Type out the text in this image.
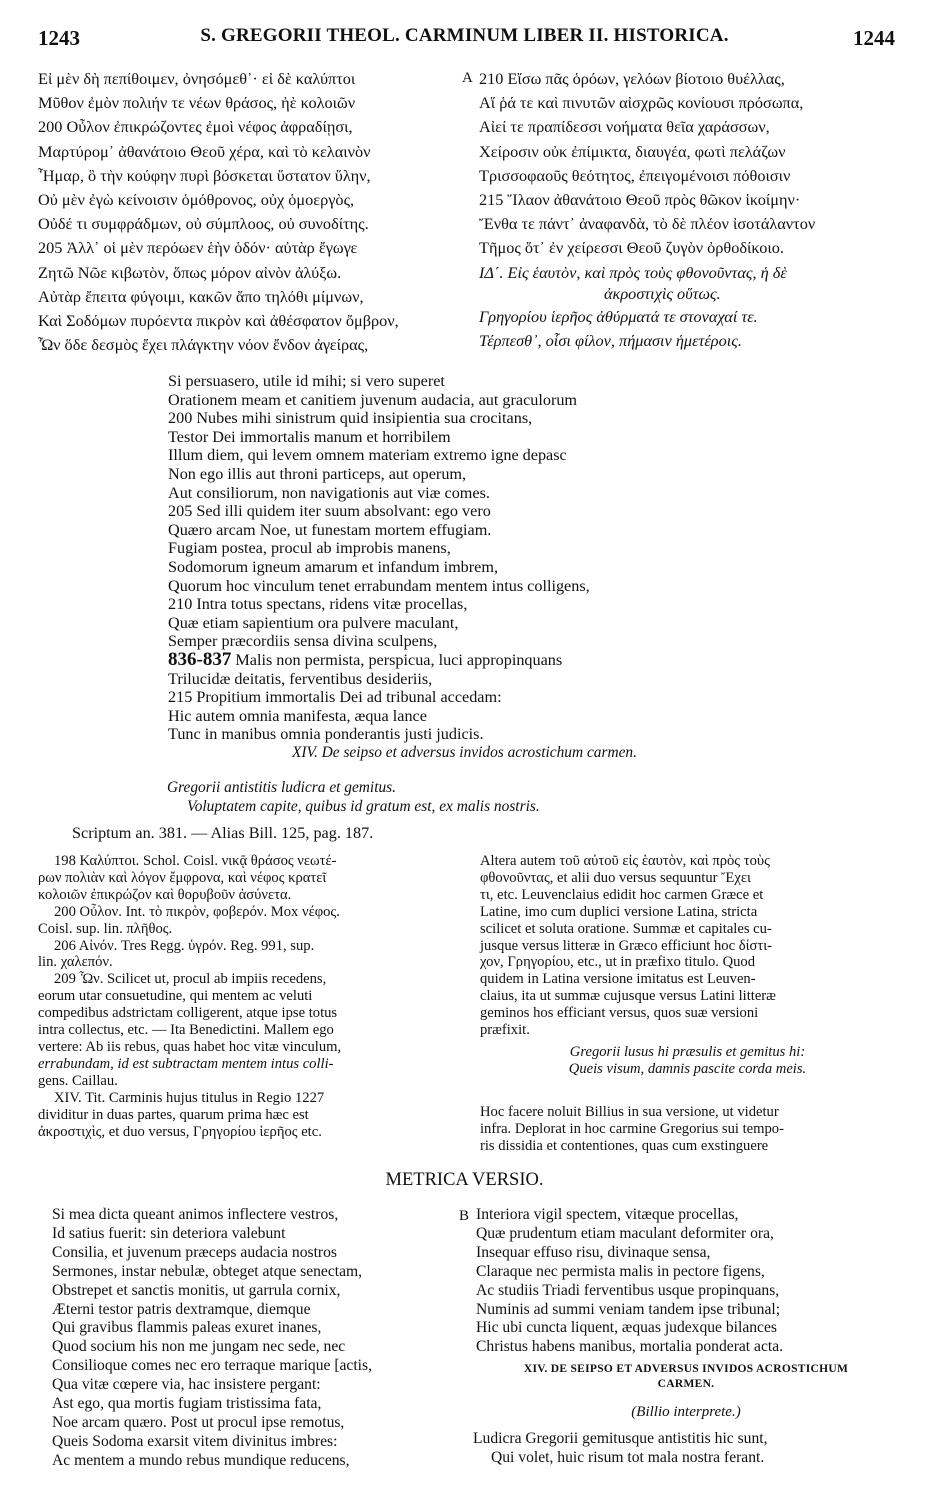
1243	S. GREGORII THEOL. CARMINUM LIBER II. HISTORICA.	1244
Εἰ μὲν δὴ πεπίθοιμεν, ὀνησόμεθ᾽· εἰ δὲ καλύπτοι
Μῦθον ἐμὸν πολιήν τε νέων θράσος, ἠὲ κολοιῶν
200 Οὖλον ἐπικρώζοντες ἐμοὶ νέφος ἀφραδίῃσι,
Μαρτύρομ᾽ ἀθανάτοιο Θεοῦ χέρα, καὶ τὸ κελαινὸν
Ἦμαρ, ὃ τὴν κούφην πυρὶ βόσκεται ὕστατον ὕλην,
Οὐ μὲν ἐγὼ κείνοισιν ὁμόθρονος, οὐχ ὁμοεργὸς,
Οὐδέ τι συμφράδμων, οὐ σύμπλοος, οὐ συνοδίτης.
205 Ἀλλ᾽ οἱ μὲν περόωεν ἑὴν ὁδόν· αὐτὰρ ἔγωγε
Ζητῶ Νῶε κιβωτὸν, ὅπως μόρον αἰνὸν ἀλύξω.
Αὐτὰρ ἔπειτα φύγοιμι, κακῶν ἄπο τηλόθι μίμνων,
Καὶ Σοδόμων πυρόεντα πικρὸν καὶ ἀθέσφατον ὄμβρον,
Ὧν ὅδε δεσμὸς ἔχει πλάγκτην νόον ἔνδον ἀγείρας,
A 210 Εἴσω πᾶς ὁρόων, γελόων βίοτοιο θυέλλας,
Αἵ ῥά τε καὶ πινυτῶν αἰσχρῶς κονίουσι πρόσωπα,
Αἰεί τε πραπίδεσσι νοήματα θεῖα χαράσσων,
Χείροσιν οὐκ ἐπίμικτα, διαυγέα, φωτὶ πελάζων
Τρισσοφαοῦς θεότητος, ἐπειγομένοισι πόθοισιν
215 Ἵλαον ἀθανάτοιο Θεοῦ πρὸς θῶκον ἱκοίμην·
Ἔνθα τε πάντ᾽ ἀναφανδὰ, τὸ δὲ πλέον ἰσοτάλαντον
Τῆμος ὅτ᾽ ἐν χείρεσσι Θεοῦ ζυγὸν ὀρθοδίκοιο.
ΙΔ΄. Εἰς ἑαυτὸν, καὶ πρὸς τοὺς φθονοῦντας, ἡ δὲ
ἀκροστιχὶς οὕτως.
Γρηγορίου ἱερῆος ἀθύρματά τε στοναχαί τε.
Τέρπεσθ᾽, οἷσι φίλον, πήμασιν ἡμετέροις.
Si persuasero, utile id mihi; si vero superet
Orationem meam et canitiem juvenum audacia, aut graculorum
200 Nubes mihi sinistrum quid insipientia sua crocitans,
Testor Dei immortalis manum et horribilem
Illum diem, qui levem omnem materiam extremo igne depasc
Non ego illis aut throni particeps, aut operum,
Aut consiliorum, non navigationis aut viæ comes.
205 Sed illi quidem iter suum absolvant: ego vero
Quæro arcam Noe, ut funestam mortem effugiam.
Fugiam postea, procul ab improbis manens,
Sodomorum igneum amarum et infandum imbrem,
Quorum hoc vinculum tenet errabundam mentem intus colligens,
210 Intra totus spectans, ridens vitæ procellas,
Quæ etiam sapientium ora pulvere maculant,
Semper præcordiis sensa divina sculpens,
836-837 Malis non permista, perspicua, luci appropinquans
Trilucidæ deitatis, ferventibus desideriis,
215 Propitium immortalis Dei ad tribunal accedam:
Hic autem omnia manifesta, æqua lance
Tunc in manibus omnia ponderantis justi judicis.
XIV. De seipso et adversus invidos acrostichum carmen.
Gregorii antistitis ludicra et gemitus.
Voluptatem capite, quibus id gratum est, ex malis nostris.
Scriptum an. 381. — Alias Bill. 125, pag. 187.
198 Καλύπτοι. Schol. Coisl. νικᾷ θράσος νεωτέ-
ρων πολιὰν καὶ λόγον ἔμφρονα, καὶ νέφος κρατεῖ
κολοιῶν ἐπικρώζον καὶ θορυβοῦν ἀσύνετα.
200 Οὖλον. Int. τὸ πικρὸν, φοβερόν. Mox νέφος.
Coisl. sup. lin. πλῆθος.
206 Αἰνόν. Tres Regg. ὑγρόν. Reg. 991, sup.
lin. χαλεπόν.
209 Ὧν. Scilicet ut, procul ab impiis recedens,
eorum utar consuetudine, qui mentem ac veluti
compedibus adstrictam colligerent, atque ipse totus
intra collectus, etc. — Ita Benedictini. Mallem ego
vertere: Ab iis rebus, quas habet hoc vitæ vinculum,
errabundam, id est subtractam mentem intus colli-
gens. Caillau.
XIV. Tit. Carminis hujus titulus in Regio 1227
dividitur in duas partes, quarum prima hæc est
ἀκροστιχὶς, et duo versus, Γρηγορίου ἱερῆος etc.
Altera autem τοῦ αὐτοῦ εἰς ἑαυτὸν, καὶ πρὸς τοὺς
φθονοῦντας, et alii duo versus sequuntur Ἔχει
τι, etc. Leuvenclaius edidit hoc carmen Græce et
Latine, imo cum duplici versione Latina, stricta
scilicet et soluta oratione. Summæ et capitales cu-
jusque versus litteræ in Græco efficiunt hoc δίστι-
χον, Γρηγορίου, etc., ut in præfixo titulo. Quod
quidem in Latina versione imitatus est Leuven-
claius, ita ut summæ cujusque versus Latini litteræ
geminos hos efficiant versus, quos suæ versioni
præfixit.
Gregorii lusus hi præsulis et gemitus hi:
Queis visum, damnis pascite corda meis.
Hoc facere noluit Billius in sua versione, ut videtur
infra. Deplorat in hoc carmine Gregorius sui tempo-
ris dissidia et contentiones, quas cum exstinguere
METRICA VERSIO.
Si mea dicta queant animos inflectere vestros,
Id satius fuerit: sin deteriora valebunt
Consilia, et juvenum præceps audacia nostros
Sermones, instar nebulæ, obteget atque senectam,
Obstrepet et sanctis monitis, ut garrula cornix,
Æterni testor patris dextramque, diemque
Qui gravibus flammis paleas exuret inanes,
Quod socium his non me jungam nec sede, nec
Consilioque comes nec ero terraque marique [actis,
Qua vitæ cœpere via, hac insistere pergant:
Ast ego, qua mortis fugiam tristissima fata,
Noe arcam quæro. Post ut procul ipse remotus,
Queis Sodoma exarsit vitem divinitus imbres:
Ac mentem a mundo rebus mundique reducens,
B Interiora vigil spectem, vitæque procellas,
Quæ prudentum etiam maculant deformiter ora,
Insequar effuso risu, divinaque sensa,
Claraque nec permista malis in pectore figens,
Ac studiis Triadi ferventibus usque propinquans,
Numinis ad summi veniam tandem ipse tribunal;
Hic ubi cuncta liquent, æquas judexque bilances
Christus habens manibus, mortalia ponderat acta.
XIV. DE SEIPSO ET ADVERSUS INVIDOS ACROSTICHUM
CARMEN.
(Billio interprete.)
Ludicra Gregorii gemitusque antistitis hic sunt,
Qui volet, huic risum tot mala nostra ferant.
